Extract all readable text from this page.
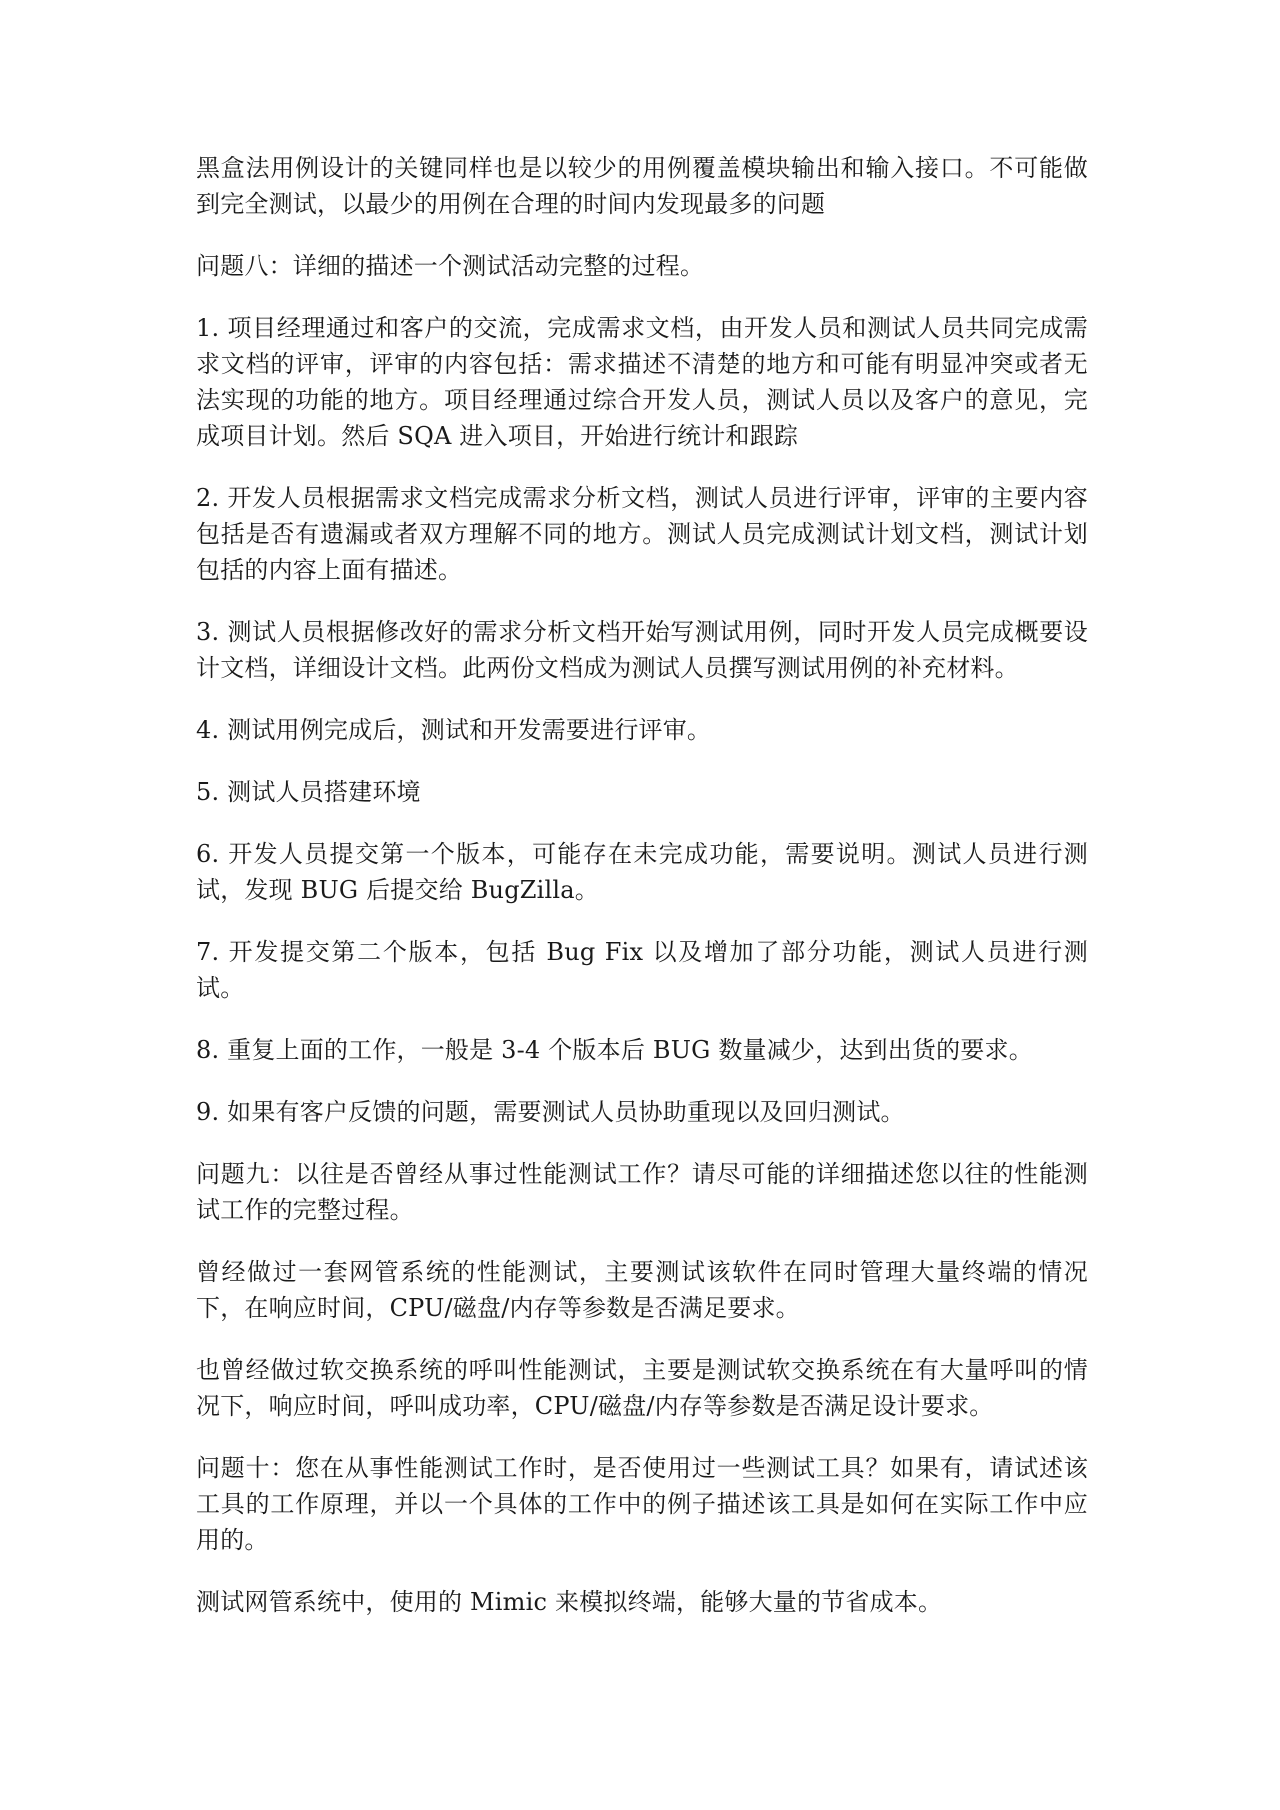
黑盒法用例设计的关键同样也是以较少的用例覆盖模块输出和输入接口。不可能做到完全测试，以最少的用例在合理的时间内发现最多的问题

问题八：详细的描述一个测试活动完整的过程。

1. 项目经理通过和客户的交流，完成需求文档，由开发人员和测试人员共同完成需求文档的评审，评审的内容包括：需求描述不清楚的地方和可能有明显冲突或者无法实现的功能的地方。项目经理通过综合开发人员，测试人员以及客户的意见，完成项目计划。然后 SQA 进入项目，开始进行统计和跟踪

2. 开发人员根据需求文档完成需求分析文档，测试人员进行评审，评审的主要内容包括是否有遗漏或者双方理解不同的地方。测试人员完成测试计划文档，测试计划包括的内容上面有描述。

3. 测试人员根据修改好的需求分析文档开始写测试用例，同时开发人员完成概要设计文档，详细设计文档。此两份文档成为测试人员撰写测试用例的补充材料。

4. 测试用例完成后，测试和开发需要进行评审。

5. 测试人员搭建环境

6. 开发人员提交第一个版本，可能存在未完成功能，需要说明。测试人员进行测试，发现 BUG 后提交给 BugZilla。

7. 开发提交第二个版本，包括 Bug Fix 以及增加了部分功能，测试人员进行测试。

8. 重复上面的工作，一般是 3-4 个版本后 BUG 数量减少，达到出货的要求。

9. 如果有客户反馈的问题，需要测试人员协助重现以及回归测试。

问题九：以往是否曾经从事过性能测试工作？请尽可能的详细描述您以往的性能测试工作的完整过程。

曾经做过一套网管系统的性能测试，主要测试该软件在同时管理大量终端的情况下，在响应时间，CPU/磁盘/内存等参数是否满足要求。

也曾经做过软交换系统的呼叫性能测试，主要是测试软交换系统在有大量呼叫的情况下，响应时间，呼叫成功率，CPU/磁盘/内存等参数是否满足设计要求。

问题十：您在从事性能测试工作时，是否使用过一些测试工具？如果有，请试述该工具的工作原理，并以一个具体的工作中的例子描述该工具是如何在实际工作中应用的。

测试网管系统中，使用的 Mimic 来模拟终端，能够大量的节省成本。
